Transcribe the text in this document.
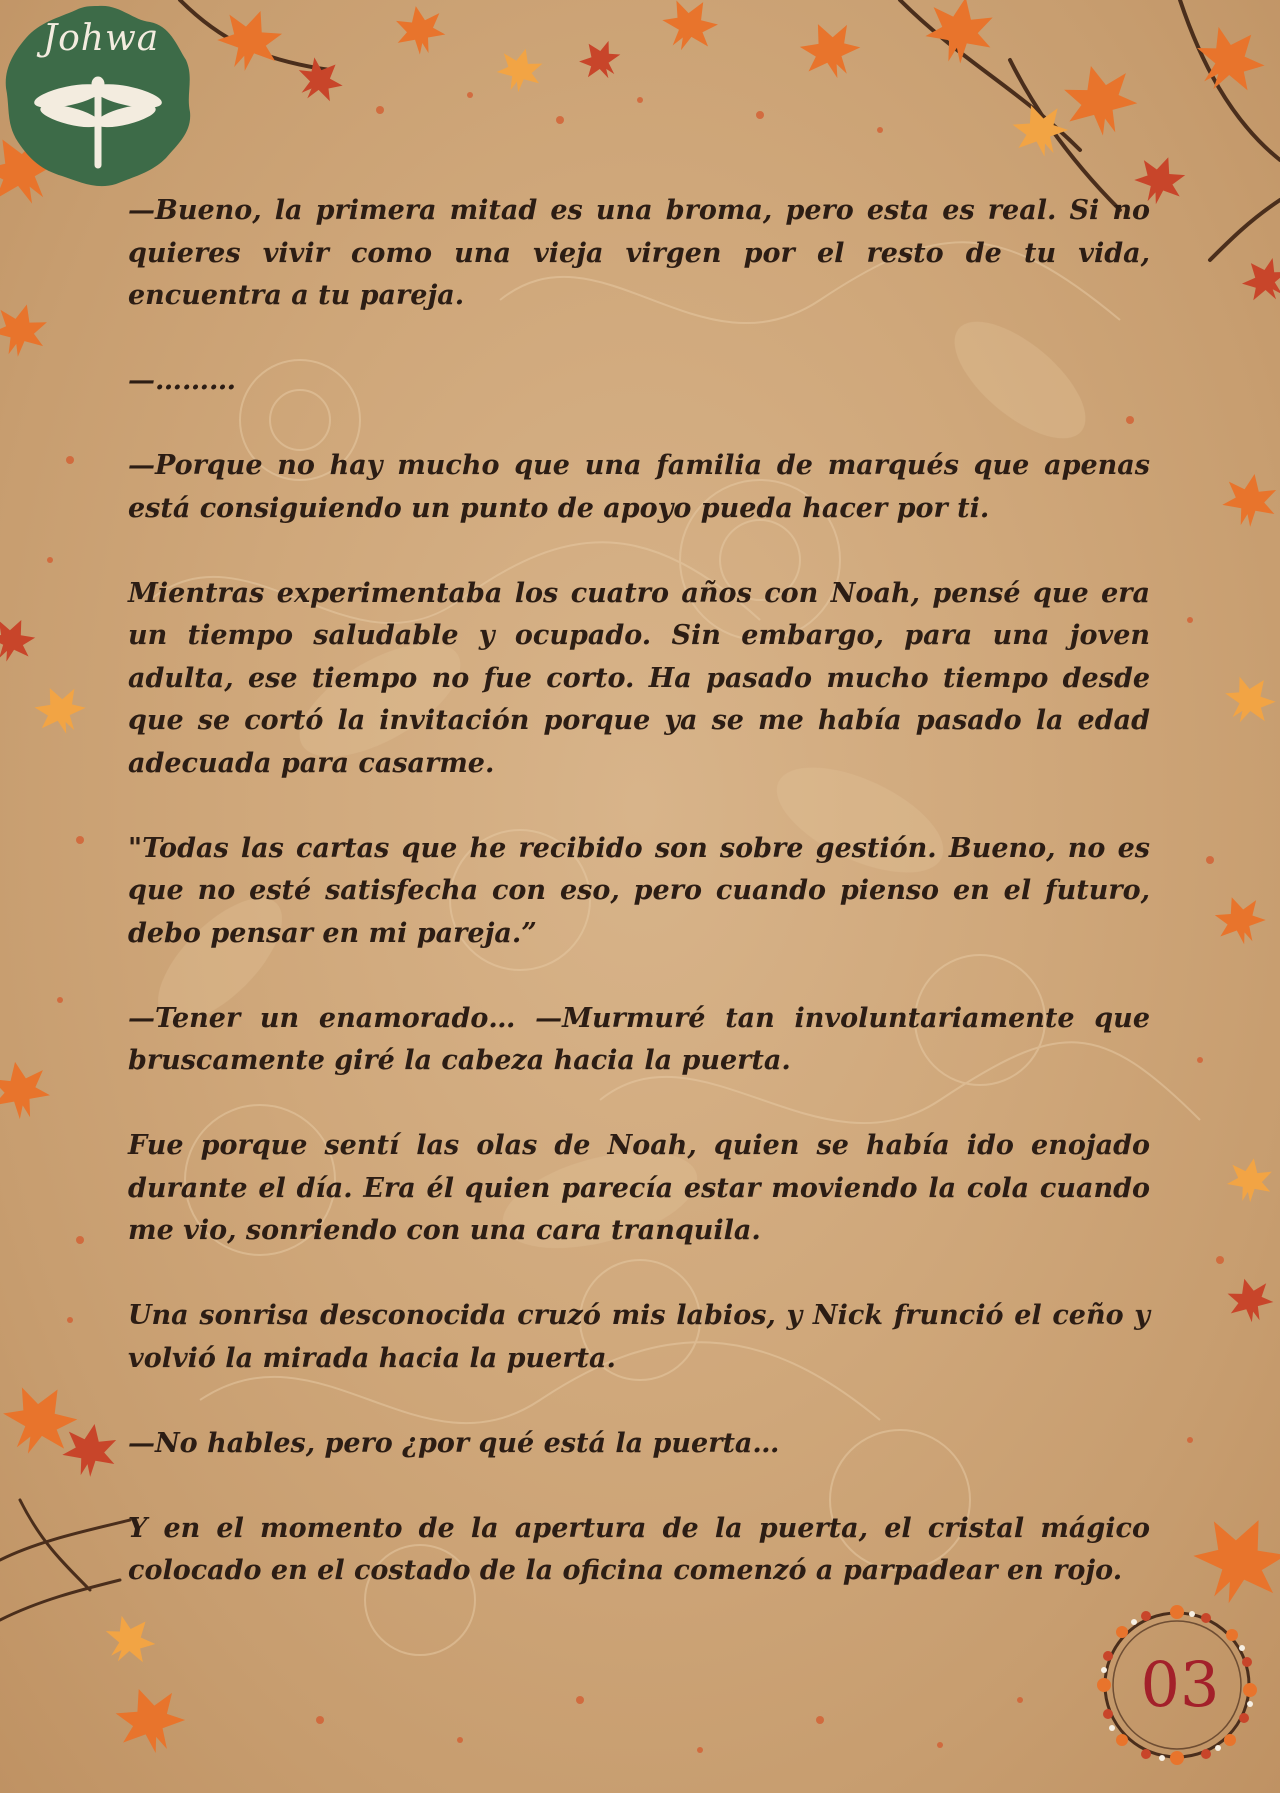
Johwa

—Bueno, la primera mitad es una broma, pero esta es real. Si no quieres vivir como una vieja virgen por el resto de tu vida, encuentra a tu pareja.

—………

—Porque no hay mucho que una familia de marqués que apenas está consiguiendo un punto de apoyo pueda hacer por ti.

Mientras experimentaba los cuatro años con Noah, pensé que era un tiempo saludable y ocupado. Sin embargo, para una joven adulta, ese tiempo no fue corto. Ha pasado mucho tiempo desde que se cortó la invitación porque ya se me había pasado la edad adecuada para casarme.

"Todas las cartas que he recibido son sobre gestión. Bueno, no es que no esté satisfecha con eso, pero cuando pienso en el futuro, debo pensar en mi pareja.”

—Tener un enamorado… —Murmuré tan involuntariamente que bruscamente giré la cabeza hacia la puerta.

Fue porque sentí las olas de Noah, quien se había ido enojado durante el día. Era él quien parecía estar moviendo la cola cuando me vio, sonriendo con una cara tranquila.

Una sonrisa desconocida cruzó mis labios, y Nick frunció el ceño y volvió la mirada hacia la puerta.

—No hables, pero ¿por qué está la puerta…

Y en el momento de la apertura de la puerta, el cristal mágico colocado en el costado de la oficina comenzó a parpadear en rojo.

03
